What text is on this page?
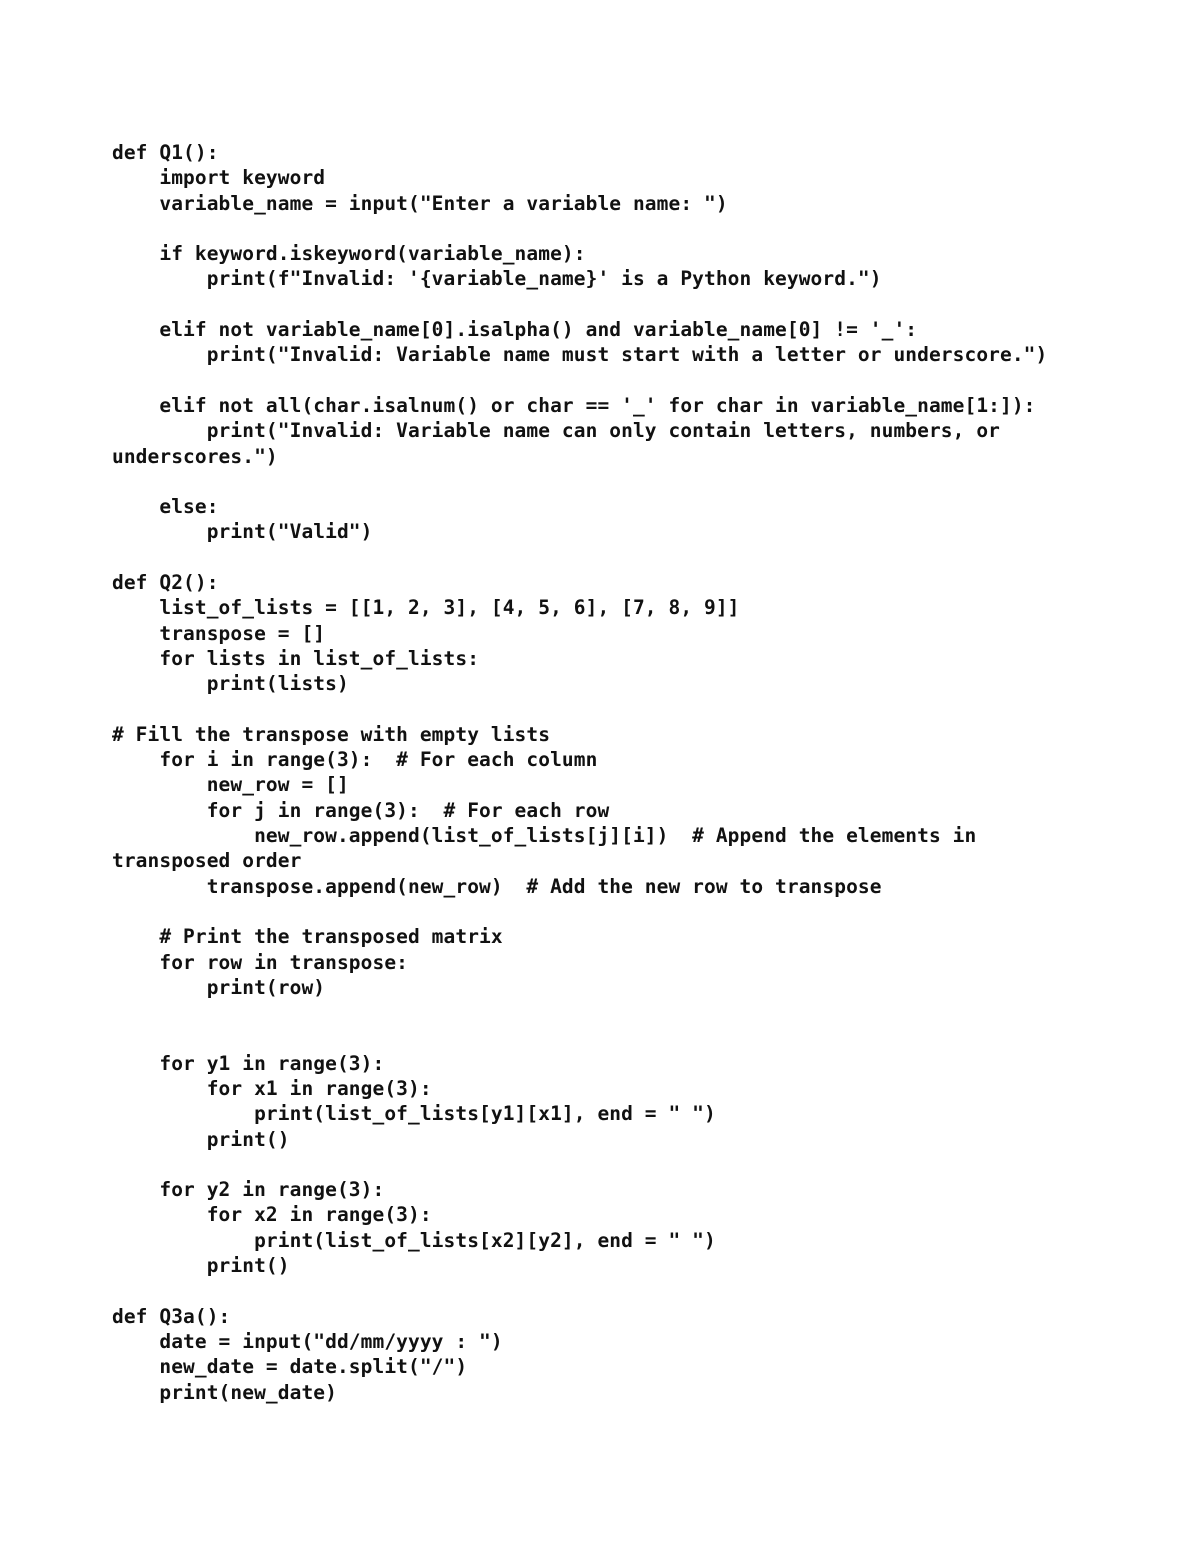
def Q1():
import keyword
variable_name = input("Enter a variable name: ")
if keyword.iskeyword(variable_name):
print(f"Invalid: '{variable_name}' is a Python keyword.")
elif not variable_name[0].isalpha() and variable_name[0] != '_':
print("Invalid: Variable name must start with a letter or underscore.")
elif not all(char.isalnum() or char == '_' for char in variable_name[1:]):
print("Invalid: Variable name can only contain letters, numbers, or
underscores.")
else:
print("Valid")
def Q2():
list_of_lists = [[1, 2, 3], [4, 5, 6], [7, 8, 9]]
transpose = []
for lists in list_of_lists:
print(lists)
# Fill the transpose with empty lists
for i in range(3):  # For each column
new_row = []
for j in range(3):  # For each row
new_row.append(list_of_lists[j][i])  # Append the elements in
transposed order
transpose.append(new_row)  # Add the new row to transpose
# Print the transposed matrix
for row in transpose:
print(row)
for y1 in range(3):
for x1 in range(3):
print(list_of_lists[y1][x1], end = " ")
print()
for y2 in range(3):
for x2 in range(3):
print(list_of_lists[x2][y2], end = " ")
print()
def Q3a():
date = input("dd/mm/yyyy : ")
new_date = date.split("/")
print(new_date)
